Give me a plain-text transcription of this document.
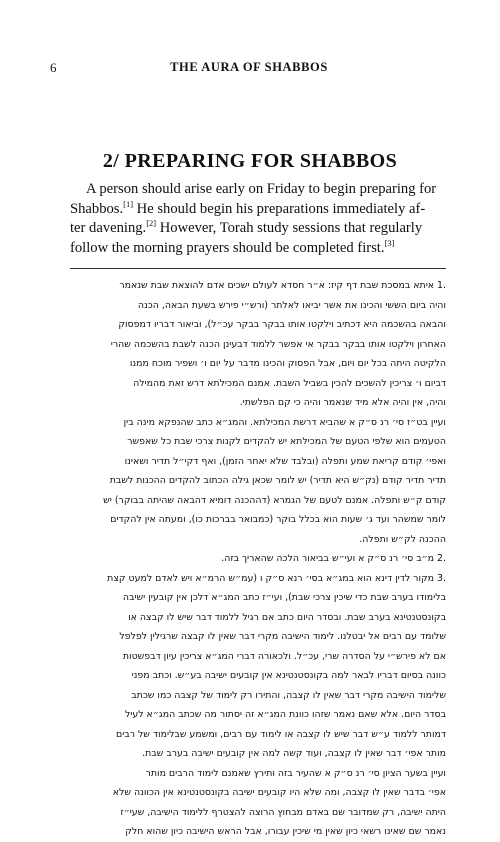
6	THE AURA OF SHABBOS
2/ PREPARING FOR SHABBOS
A person should arise early on Friday to begin preparing for
Shabbos.[1] He should begin his preparations immediately af-
ter davening.[2] However, Torah study sessions that regularly
follow the morning prayers should be completed first.[3]
.1 איתא במסכת שבת דף קיז: א״ר חסדא לעולם ישכים אדם להוצאת שבת שנאמר
והיה ביום הששי והכינו את אשר יביאו לאלתר (ורש״י פירש בשעת הבאה, הכנה
והבאה בהשכמה היא דכתיב וילקטו אותו בבקר בבקר עכ״ל), וביאור דבריו דמפסוק
האחרון וילקטו אותו בבקר בבקר אי אפשר ללמוד דבעינן הכנה לשבת בהשכמה שהרי
הלקיטה היתה בכל יום ויום, אבל הפסוק והכינו מדבר על יום ו׳ ושפיר מוכח ממנו
דביום ו׳ צריכין להשכים להכין בשביל השבת. אמנם המכילתא דרש זאת מהמילה
והיה, אין והיה אלא מיד שנאמר והיה כי קם הפלשתי.
ועיין בט״ז סי׳ רנ ס״ק א שהביא דרשת המכילתא. והמג״א כתב שהנפקא מינה בין
הטעמים הוא שלפי הטעם של המכילתא יש להקדים לקנות צרכי שבת כל שאפשר
ואפי׳ קודם קריאת שמע ותפלה (ובלבד שלא יאחר הזמן), ואף דקי״ל תדיר ושאינו
תדיר תדיר קודם (נק״ש היא תדיר) יש לומר שכאן גילה הכתוב להקדים ההכנות לשבת
קודם ק״ש ותפלה. אמנם לטעם של הגמרא (דההכנה דומיא דהבאה שהיתה בבוקר) יש
לומר שמשהר ועד ג׳ שעות הוא בכלל בוקר (כמבואר בברכות כו), ומעתה אין להקדים
ההכנה לק״ש ותפלה.
.2 מ״ב סי׳ רנ ס״ק א ועי״ש בביאור הלכה שהאריך בזה.
.3 מקור לדין דינא הוא במג״א בסי׳ רנא ס״ק ו (עמ״ש הרמ״א ויש לאדם למעט קצת
בלימודו בערב שבת כדי שיכין צרכי שבת), ועי״ז כתב המג״א דלכן אין קובעין ישיבה
בקונסטנטינא בערב שבת. ובסדר היום כתב אם רגיל ללמוד דבר שיש לו קבצה או
שלומד עם רבים אל יבטלנו. לימוד הישיבה מקרי דבר שאין לו קבצה שרגילין לפלפל
אם לא פירש״י על הסדרה שרי, עכ״ל. ולכאורה דברי המג״א צריכין עיון דבפשטות
כוונה בסיום דבריו לבאר למה בקונסטנטינא אין קובעים ישיבה בע״ש. וכתב מפני
שלימוד הישיבה מקרי דבר שאין לו קצבה, והתירו רק לימוד של קצבה כמו שכתב
בסדר היום. אלא שאם נאמר שזהו כוונת המג״א זה יסתור מה שכתב המג״א לעיל
דמותר ללמוד ע״ש דבר שיש לו קצבה או לימוד עם רבים, ומשמע שבלימוד של רבים
מותר אפי׳ דבר שאין לו קצבה, ועוד קשה למה אין קובעים ישיבה בערב שבת.
ועיין בשער הציון סי׳ רנ ס״ק א שהעיר בזה ותירץ שאמנם לימוד הרבים מותר
אפי׳ בדבר שאין לו קצבה, ומה שלא היו קובעים ישיבה בקונסטנטינא אין הכוונה שלא
היתה ישיבה, רק שמדובר שם באדם מבחוץ הרוצה להצטרף ללימוד הישיבה, שעי״ז
נאמר שם שאינו רשאי כיון שאין מי שיכין עבורו, אבל הראש הישיבה כיון שהוא חלק
